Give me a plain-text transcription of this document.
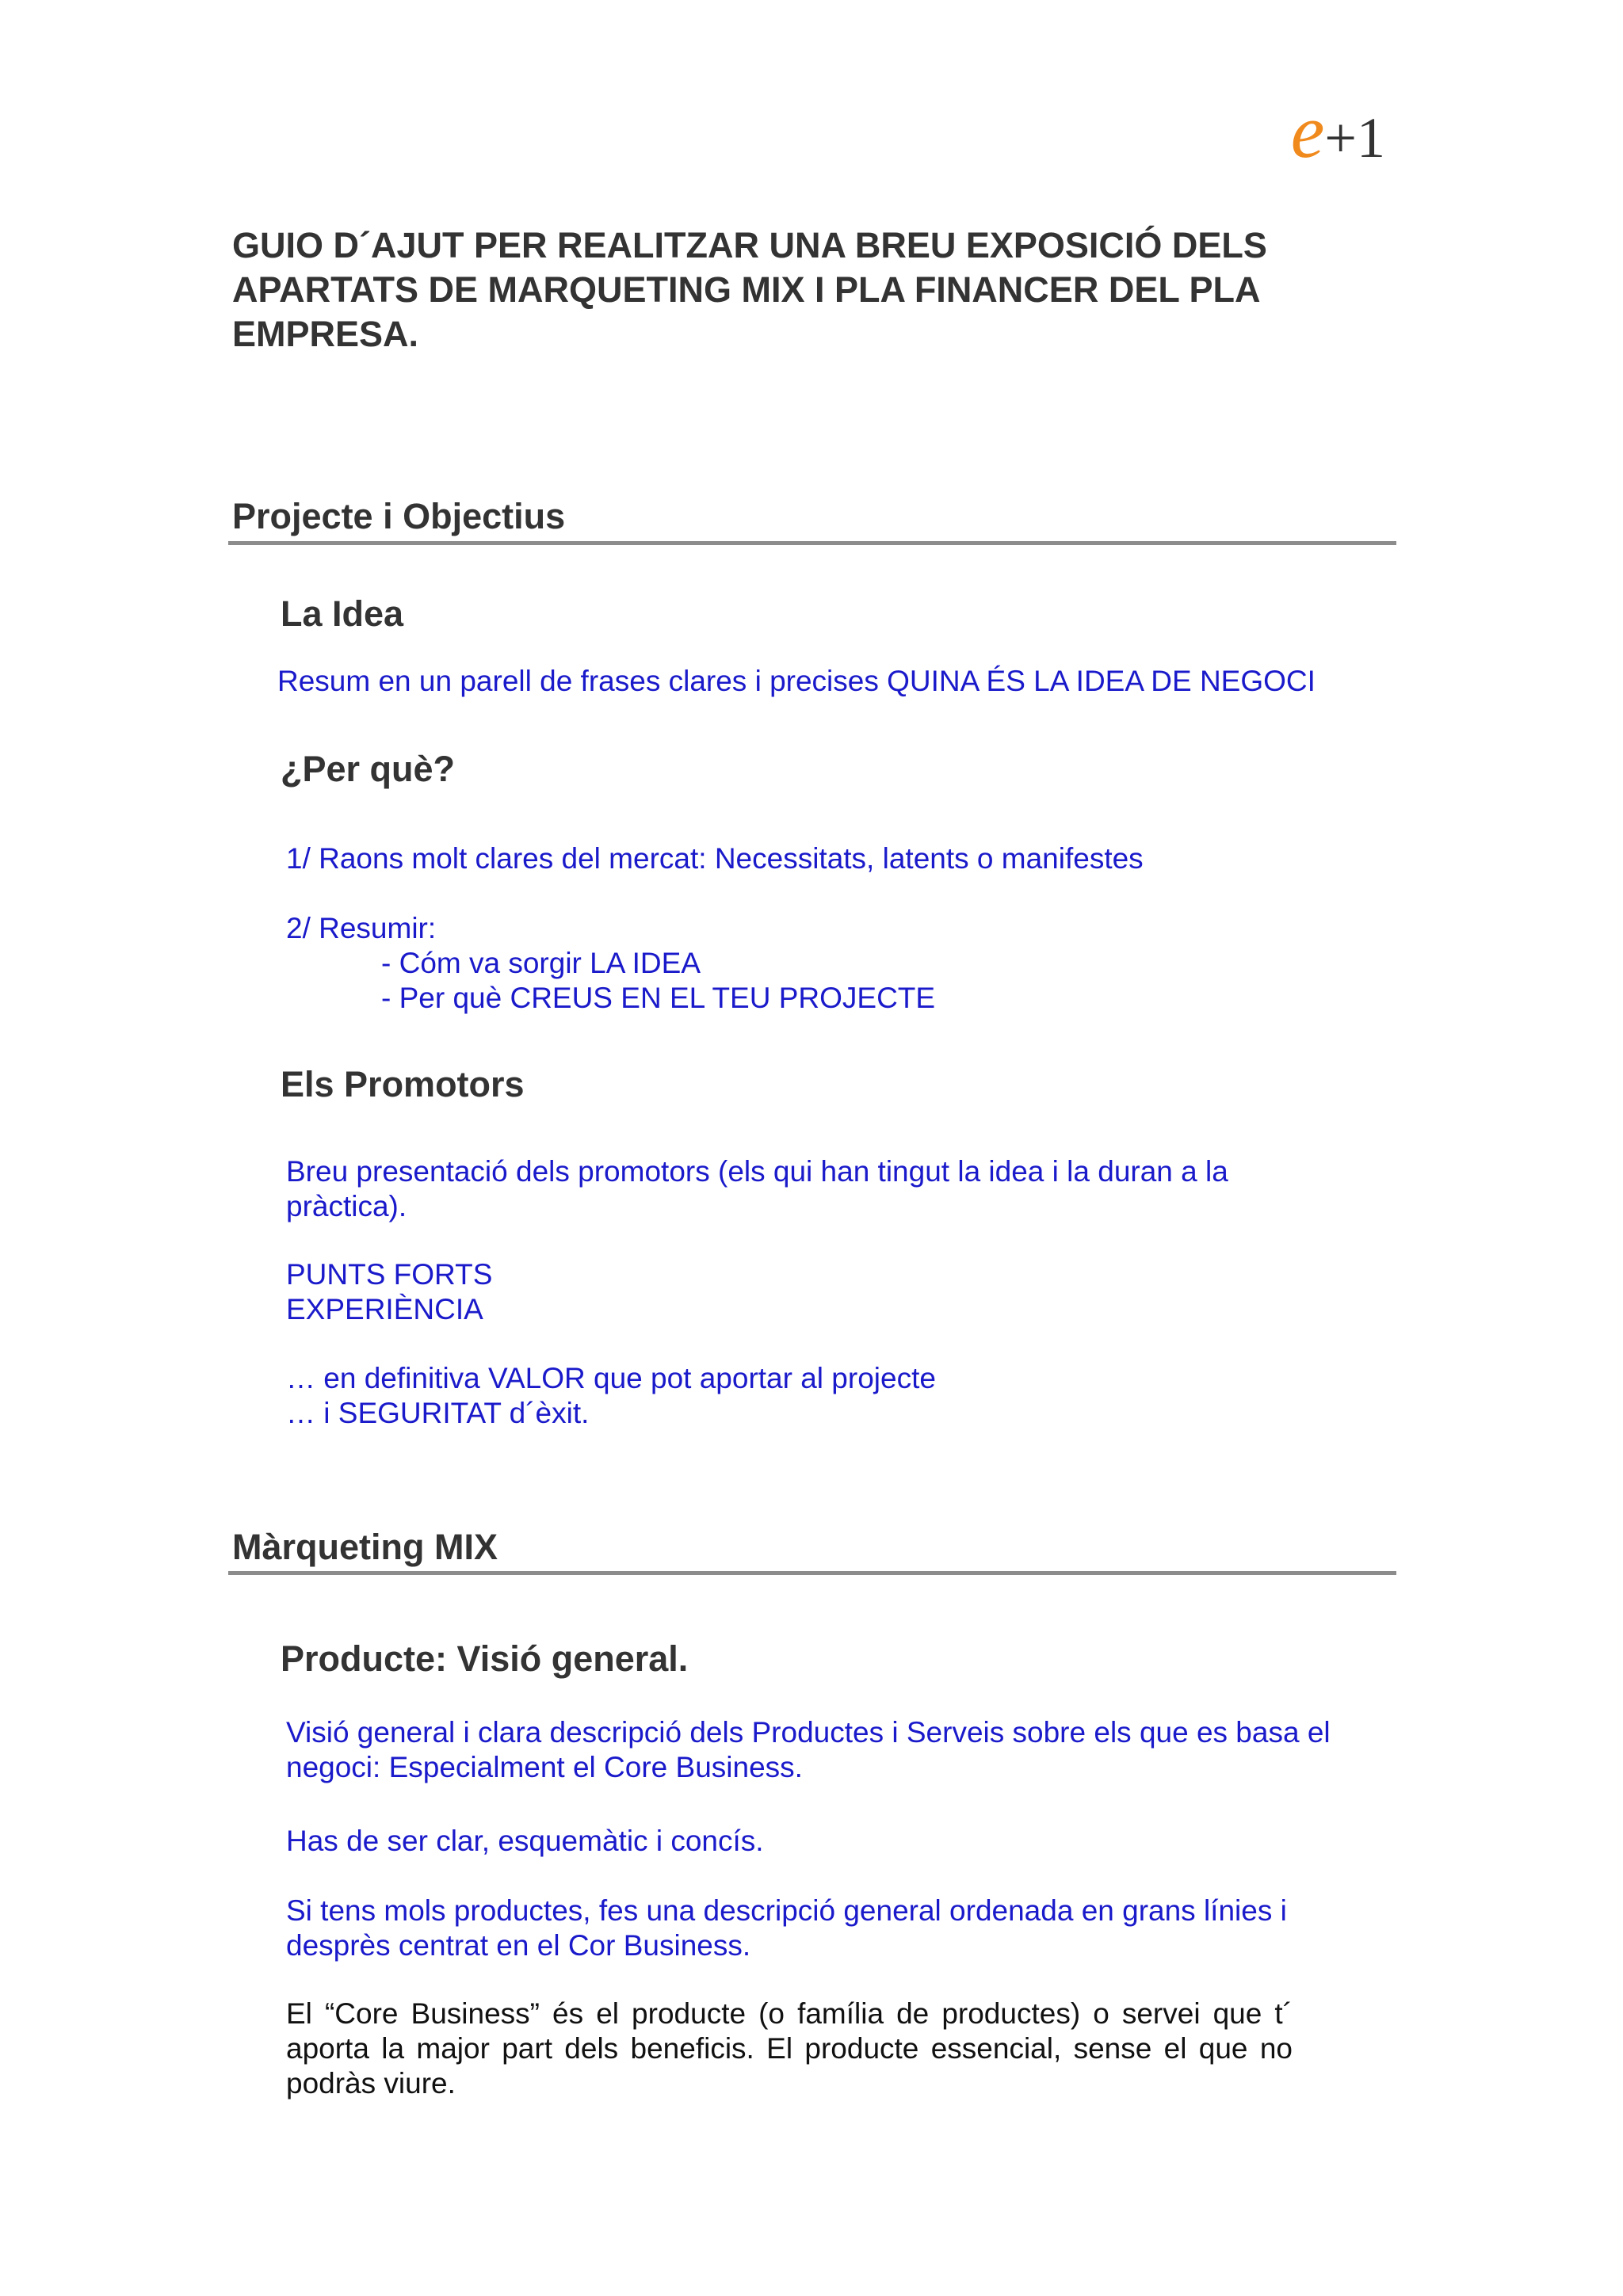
e+1
GUIO D´AJUT PER REALITZAR UNA BREU EXPOSICIÓ DELS APARTATS DE MARQUETING MIX I PLA FINANCER DEL PLA EMPRESA.
Projecte i Objectius
La Idea

Resum en un parell de frases clares i precises QUINA ÉS LA IDEA DE NEGOCI

¿Per què?

1/ Raons molt clares del mercat: Necessitats, latents o manifestes

2/ Resumir:

- Cóm va sorgir LA IDEA

- Per què CREUS EN EL TEU PROJECTE

Els Promotors

Breu presentació dels promotors (els qui han tingut la idea i la duran a la

pràctica).

PUNTS FORTS

EXPERIÈNCIA

… en definitiva VALOR que pot aportar al projecte

… i SEGURITAT d´èxit.

Màrqueting MIX
Producte: Visió general.

Visió general i clara descripció dels Productes i Serveis sobre els que es basa el

negoci: Especialment el Core Business.

Has de ser clar, esquemàtic i concís.

Si tens mols productes, fes una descripció general ordenada en grans línies i

desprès centrat en el Cor Business.

El “Core Business” és el producte (o família de productes) o servei que t´

aporta la major part dels beneficis. El producte essencial, sense el que no

podràs viure.
